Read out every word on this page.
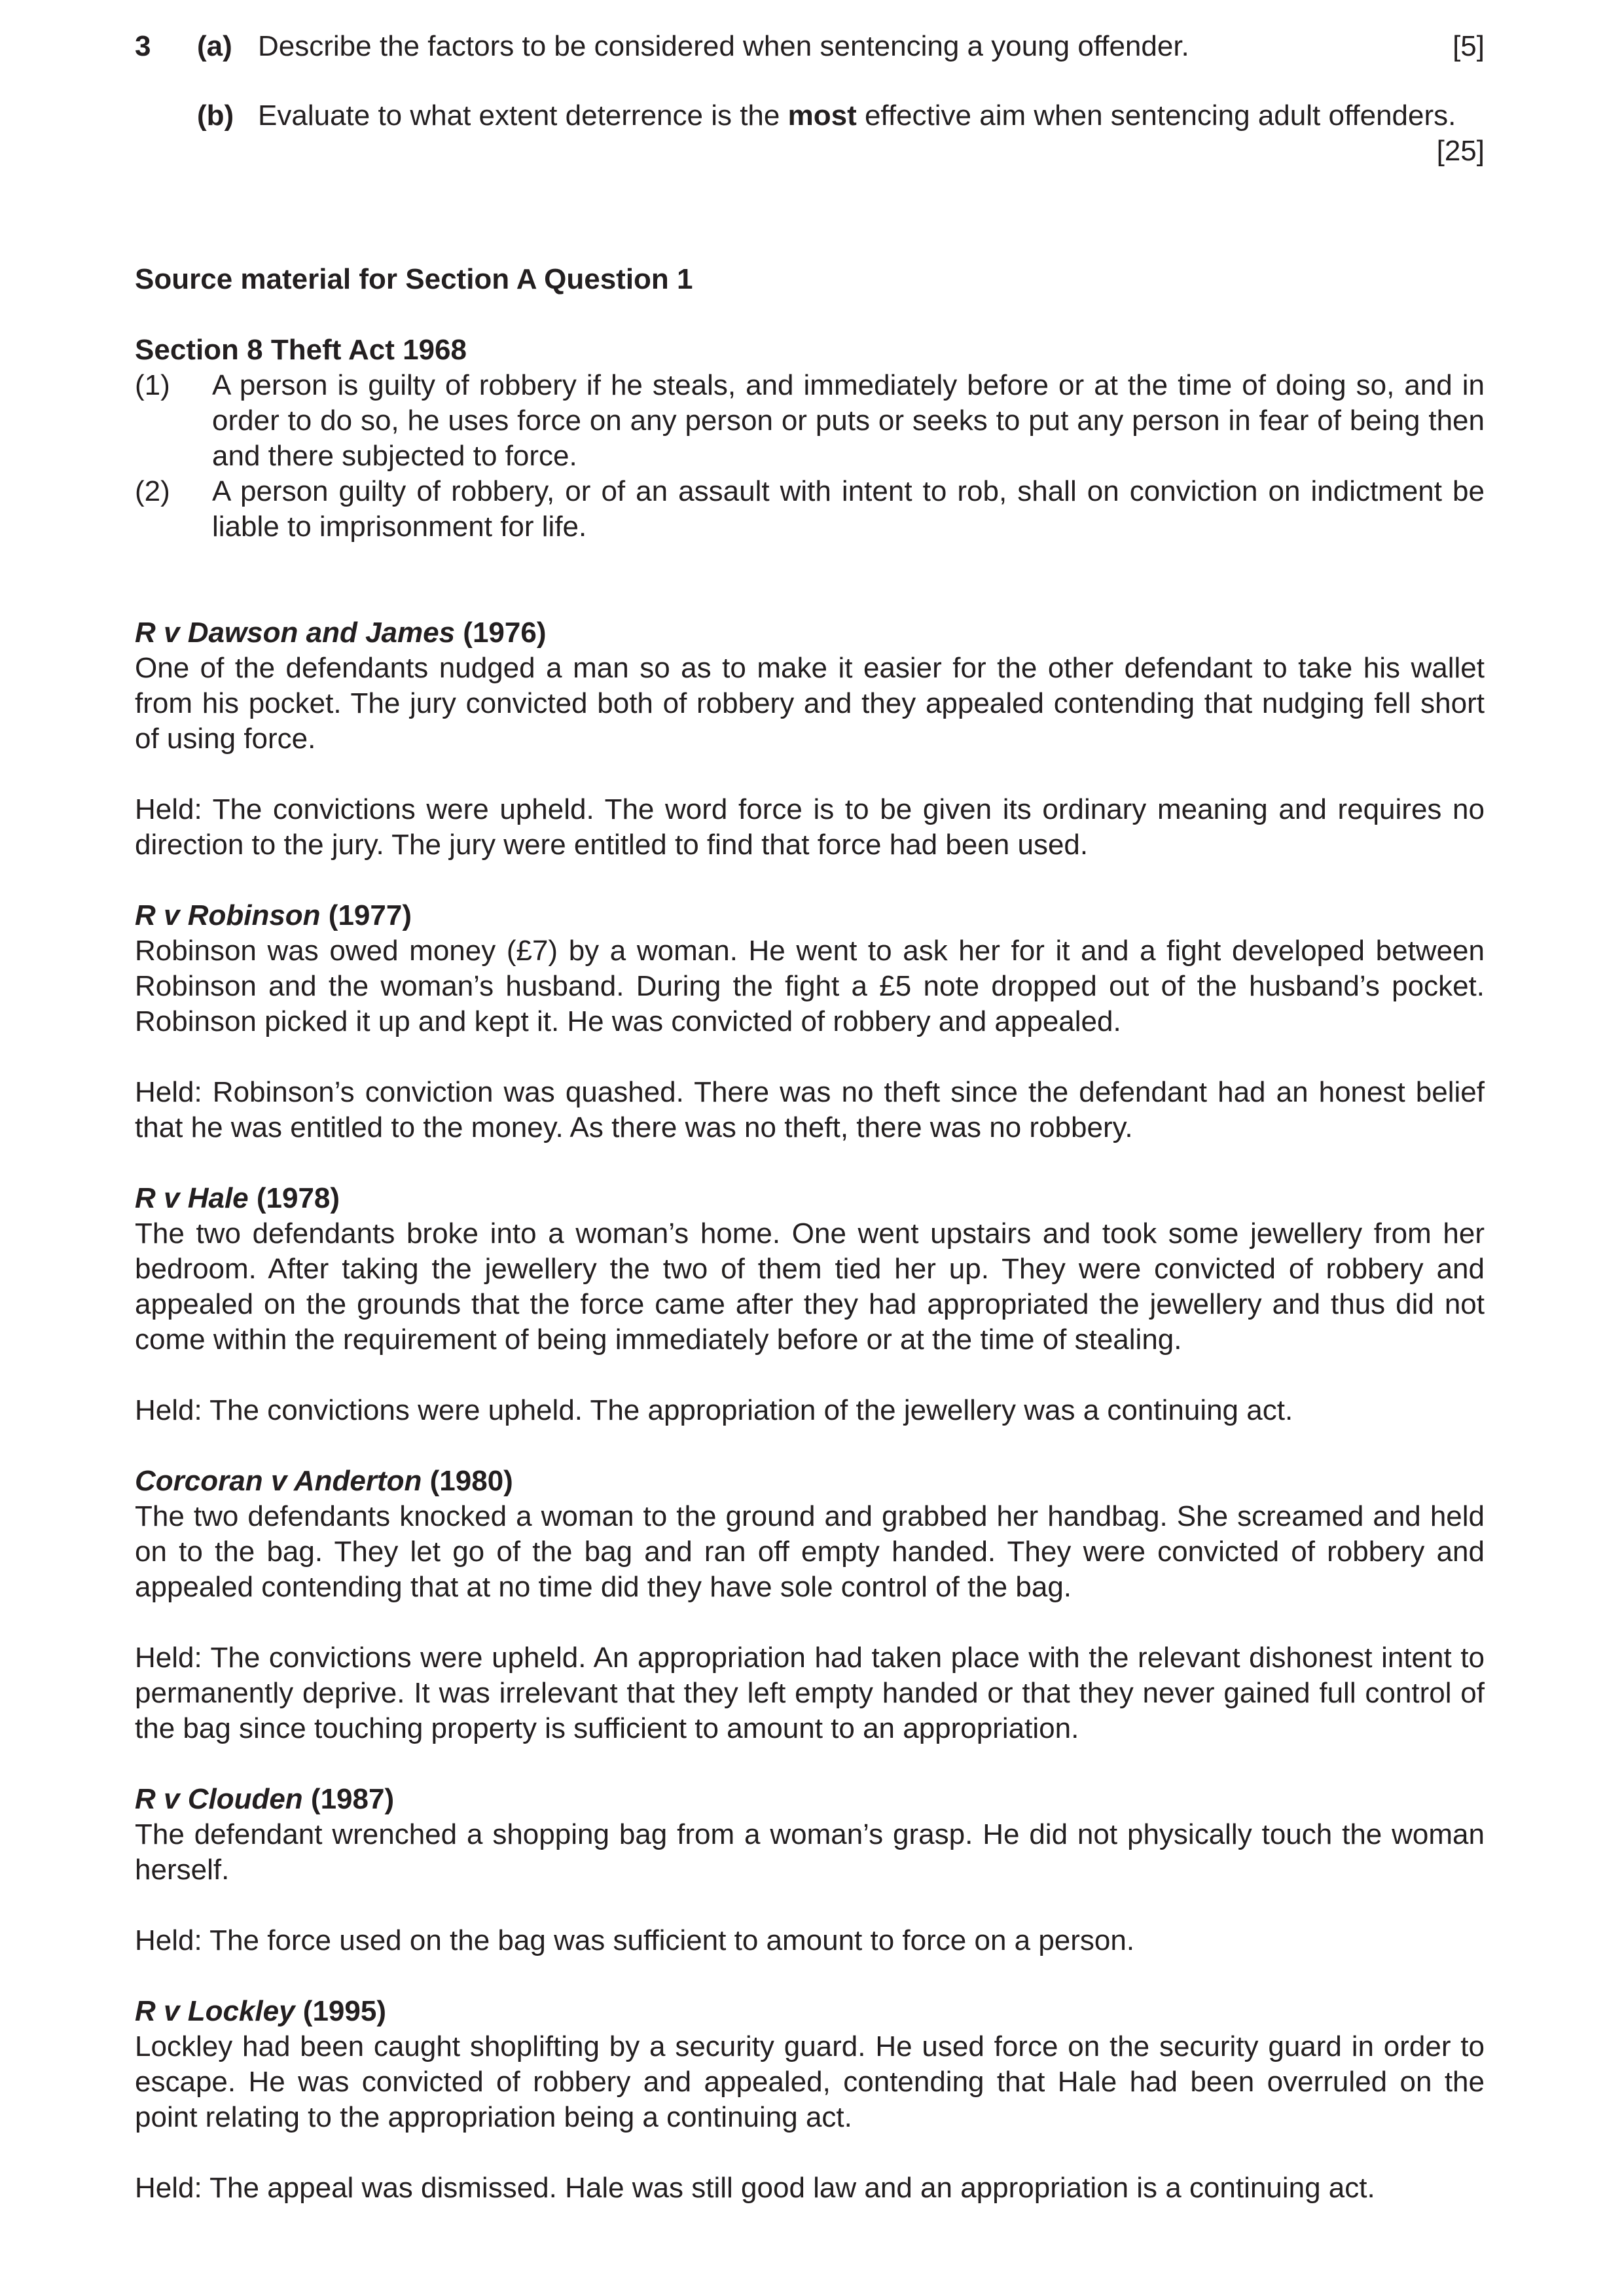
3 (a) Describe the factors to be considered when sentencing a young offender.	[5]
(b) Evaluate to what extent deterrence is the most effective aim when sentencing adult offenders.
[25]
Source material for Section A Question 1
Section 8 Theft Act 1968
(1) A person is guilty of robbery if he steals, and immediately before or at the time of doing so, and in order to do so, he uses force on any person or puts or seeks to put any person in fear of being then and there subjected to force.
(2) A person guilty of robbery, or of an assault with intent to rob, shall on conviction on indictment be liable to imprisonment for life.
R v Dawson and James (1976)
One of the defendants nudged a man so as to make it easier for the other defendant to take his wallet from his pocket. The jury convicted both of robbery and they appealed contending that nudging fell short of using force.
Held: The convictions were upheld. The word force is to be given its ordinary meaning and requires no direction to the jury. The jury were entitled to find that force had been used.
R v Robinson (1977)
Robinson was owed money (£7) by a woman. He went to ask her for it and a fight developed between Robinson and the woman’s husband. During the fight a £5 note dropped out of the husband’s pocket. Robinson picked it up and kept it. He was convicted of robbery and appealed.
Held: Robinson’s conviction was quashed. There was no theft since the defendant had an honest belief that he was entitled to the money. As there was no theft, there was no robbery.
R v Hale (1978)
The two defendants broke into a woman’s home. One went upstairs and took some jewellery from her bedroom. After taking the jewellery the two of them tied her up. They were convicted of robbery and appealed on the grounds that the force came after they had appropriated the jewellery and thus did not come within the requirement of being immediately before or at the time of stealing.
Held: The convictions were upheld. The appropriation of the jewellery was a continuing act.
Corcoran v Anderton (1980)
The two defendants knocked a woman to the ground and grabbed her handbag. She screamed and held on to the bag. They let go of the bag and ran off empty handed. They were convicted of robbery and appealed contending that at no time did they have sole control of the bag.
Held: The convictions were upheld. An appropriation had taken place with the relevant dishonest intent to permanently deprive. It was irrelevant that they left empty handed or that they never gained full control of the bag since touching property is sufficient to amount to an appropriation.
R v Clouden (1987)
The defendant wrenched a shopping bag from a woman’s grasp. He did not physically touch the woman herself.
Held: The force used on the bag was sufficient to amount to force on a person.
R v Lockley (1995)
Lockley had been caught shoplifting by a security guard. He used force on the security guard in order to escape. He was convicted of robbery and appealed, contending that Hale had been overruled on the point relating to the appropriation being a continuing act.
Held: The appeal was dismissed. Hale was still good law and an appropriation is a continuing act.
